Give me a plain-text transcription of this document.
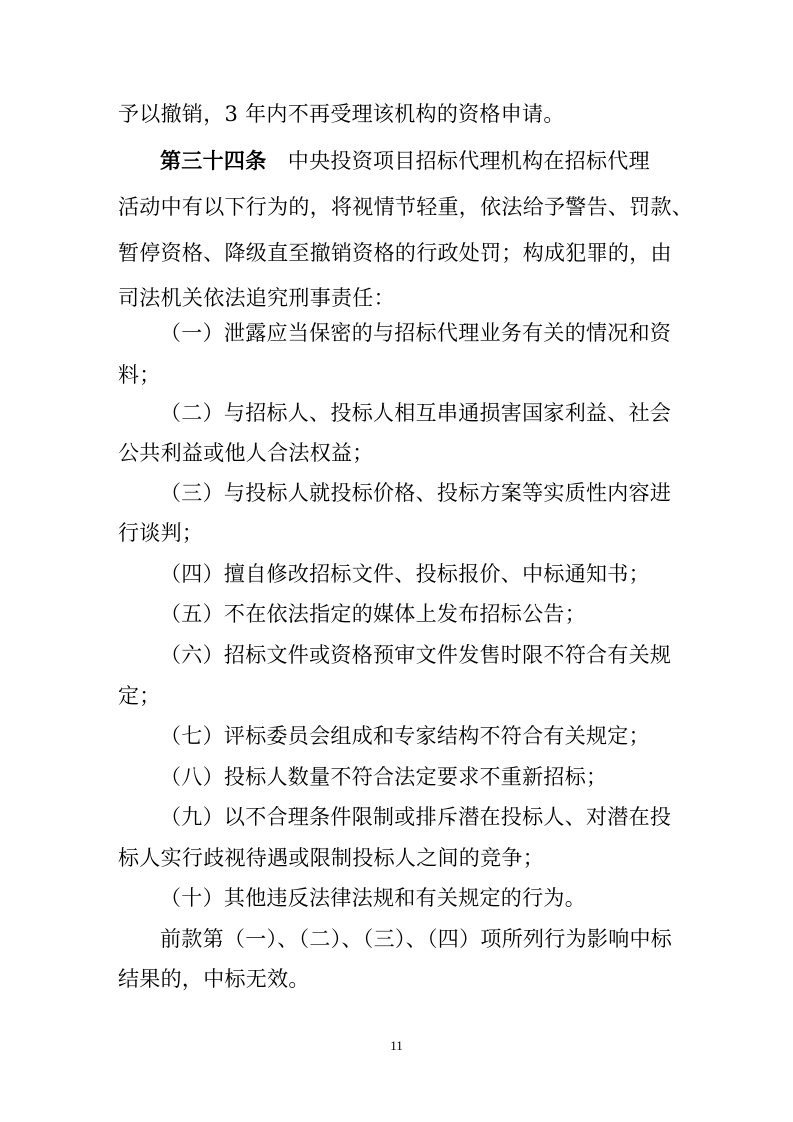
予以撤销，3 年内不再受理该机构的资格申请。
第三十四条　中央投资项目招标代理机构在招标代理
活动中有以下行为的，将视情节轻重，依法给予警告、罚款、
暂停资格、降级直至撤销资格的行政处罚；构成犯罪的，由
司法机关依法追究刑事责任：
（一）泄露应当保密的与招标代理业务有关的情况和资
料；
（二）与招标人、投标人相互串通损害国家利益、社会
公共利益或他人合法权益；
（三）与投标人就投标价格、投标方案等实质性内容进
行谈判；
（四）擅自修改招标文件、投标报价、中标通知书；
（五）不在依法指定的媒体上发布招标公告；
（六）招标文件或资格预审文件发售时限不符合有关规
定；
（七）评标委员会组成和专家结构不符合有关规定；
（八）投标人数量不符合法定要求不重新招标；
（九）以不合理条件限制或排斥潜在投标人、对潜在投
标人实行歧视待遇或限制投标人之间的竞争；
（十）其他违反法律法规和有关规定的行为。
前款第（一）、（二）、（三）、（四）项所列行为影响中标
结果的，中标无效。
11
